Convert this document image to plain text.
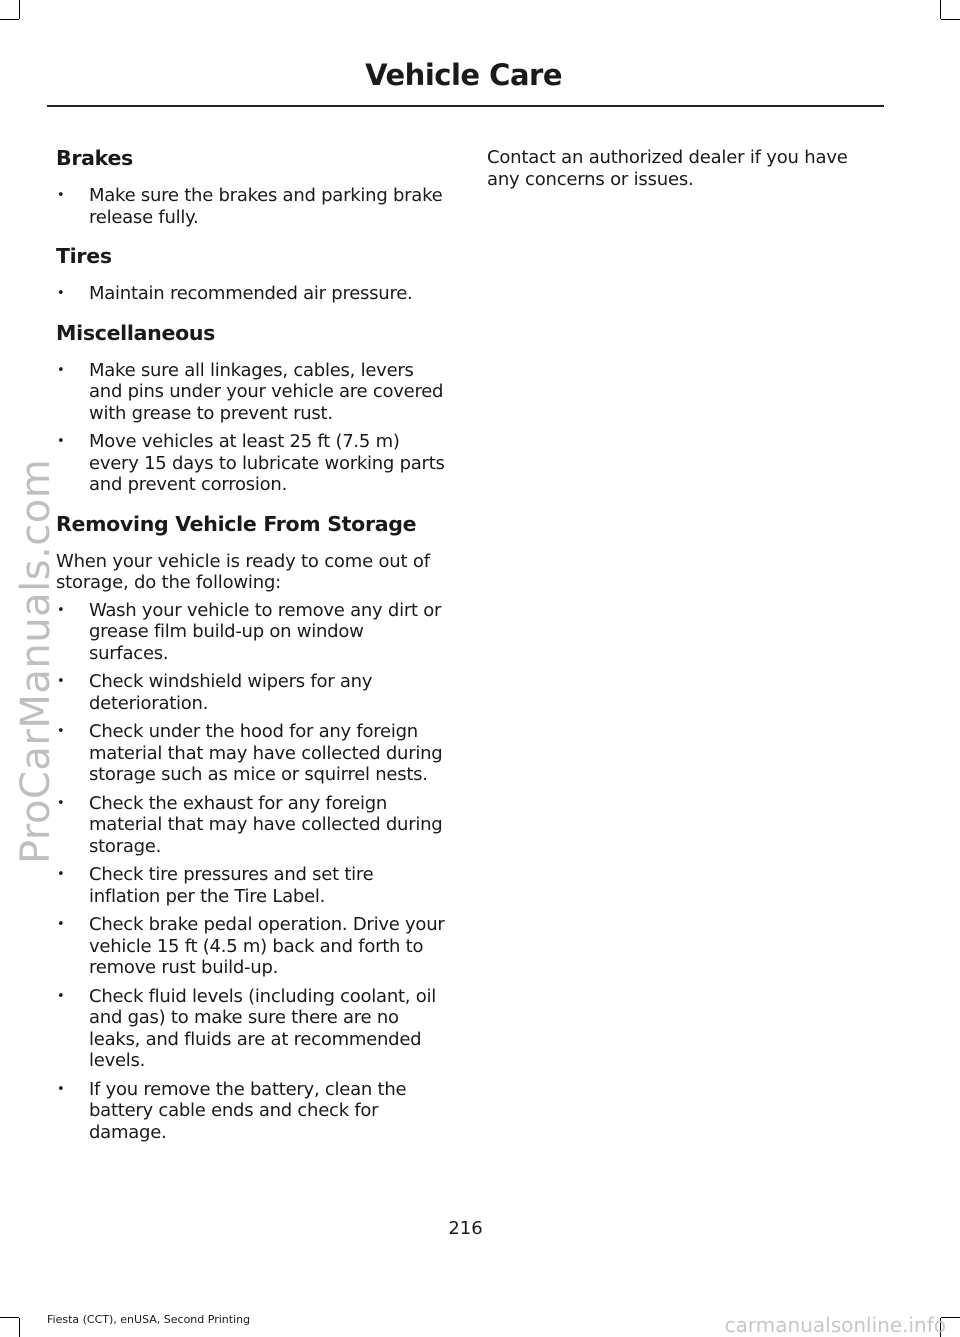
Vehicle Care
Brakes
• Make sure the brakes and parking brake release fully.
Tires
• Maintain recommended air pressure.
Miscellaneous
• Make sure all linkages, cables, levers and pins under your vehicle are covered with grease to prevent rust.
• Move vehicles at least 25 ft (7.5 m) every 15 days to lubricate working parts and prevent corrosion.
Removing Vehicle From Storage

When your vehicle is ready to come out of storage, do the following:

• Wash your vehicle to remove any dirt or grease film build-up on window surfaces.
• Check windshield wipers for any deterioration.
• Check under the hood for any foreign material that may have collected during storage such as mice or squirrel nests.
• Check the exhaust for any foreign material that may have collected during storage.
• Check tire pressures and set tire inflation per the Tire Label.
• Check brake pedal operation. Drive your vehicle 15 ft (4.5 m) back and forth to remove rust build-up.
• Check fluid levels (including coolant, oil and gas) to make sure there are no leaks, and fluids are at recommended levels.
• If you remove the battery, clean the battery cable ends and check for damage.

Contact an authorized dealer if you have any concerns or issues.

216
Fiesta (CCT), enUSA, Second Printing
ProCarManuals.com
carmanualsonline.info
